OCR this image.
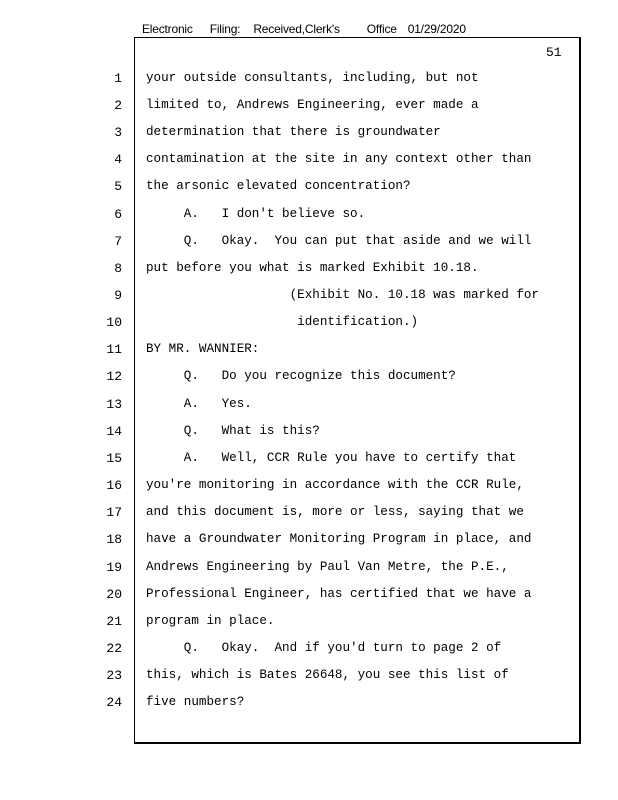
Electronic Filing: Received,Clerk's Office 01/29/2020
51
1 your outside consultants, including, but not
2 limited to, Andrews Engineering, ever made a
3 determination that there is groundwater
4 contamination at the site in any context other than
5 the arsonic elevated concentration?
6 A.   I don't believe so.
7 Q.   Okay.  You can put that aside and we will
8 put before you what is marked Exhibit 10.18.
9 (Exhibit No. 10.18 was marked for
10 identification.)
11 BY MR. WANNIER:
12 Q.   Do you recognize this document?
13 A.   Yes.
14 Q.   What is this?
15 A.   Well, CCR Rule you have to certify that
16 you're monitoring in accordance with the CCR Rule,
17 and this document is, more or less, saying that we
18 have a Groundwater Monitoring Program in place, and
19 Andrews Engineering by Paul Van Metre, the P.E.,
20 Professional Engineer, has certified that we have a
21 program in place.
22 Q.   Okay.  And if you'd turn to page 2 of
23 this, which is Bates 26648, you see this list of
24 five numbers?
